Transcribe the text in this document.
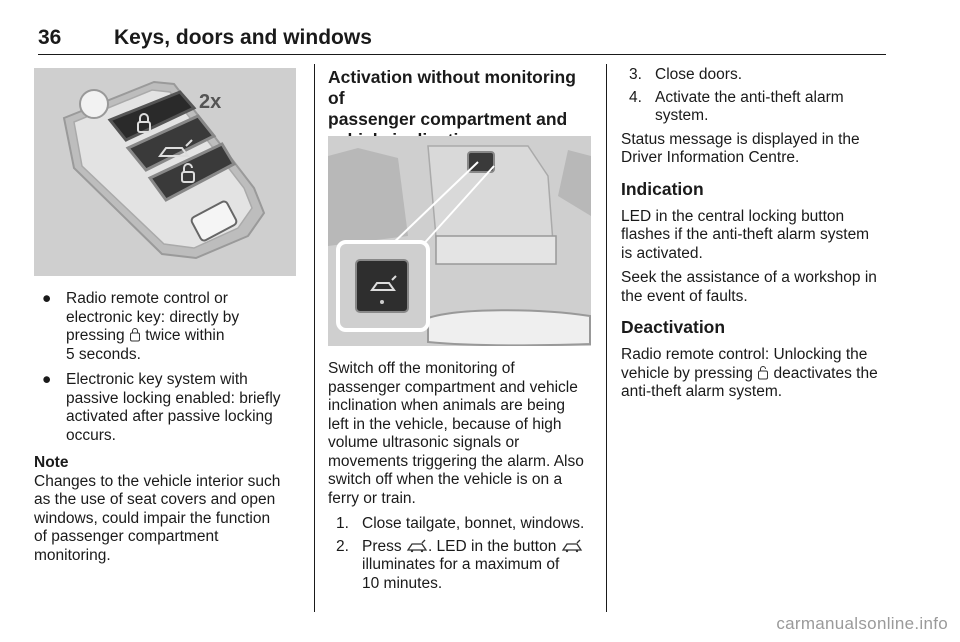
36	Keys, doors and windows
2x
● Radio remote control or
electronic key: directly by
pressing twice within
5 seconds.
● Electronic key system with
passive locking enabled: briefly
activated after passive locking
occurs.
Note
Changes to the vehicle interior such
as the use of seat covers and open
windows, could impair the function
of passenger compartment
monitoring.
Activation without monitoring of
passenger compartment and
Switch off the monitoring of
passenger compartment and vehicle
inclination when animals are being
left in the vehicle, because of high
volume ultrasonic signals or
movements triggering the alarm. Also
switch off when the vehicle is on a
ferry or train.
1. Close tailgate, bonnet, windows.
2. Press . LED in the button
illuminates for a maximum of
10 minutes.
3. Close doors.
4. Activate the anti-theft alarm
system.
Status message is displayed in the
Driver Information Centre.
Indication
LED in the central locking button
flashes if the anti-theft alarm system
is activated.
Seek the assistance of a workshop in
the event of faults.
Deactivation
Radio remote control: Unlocking the
vehicle by pressing deactivates the
anti-theft alarm system.
carmanualsonline.info
